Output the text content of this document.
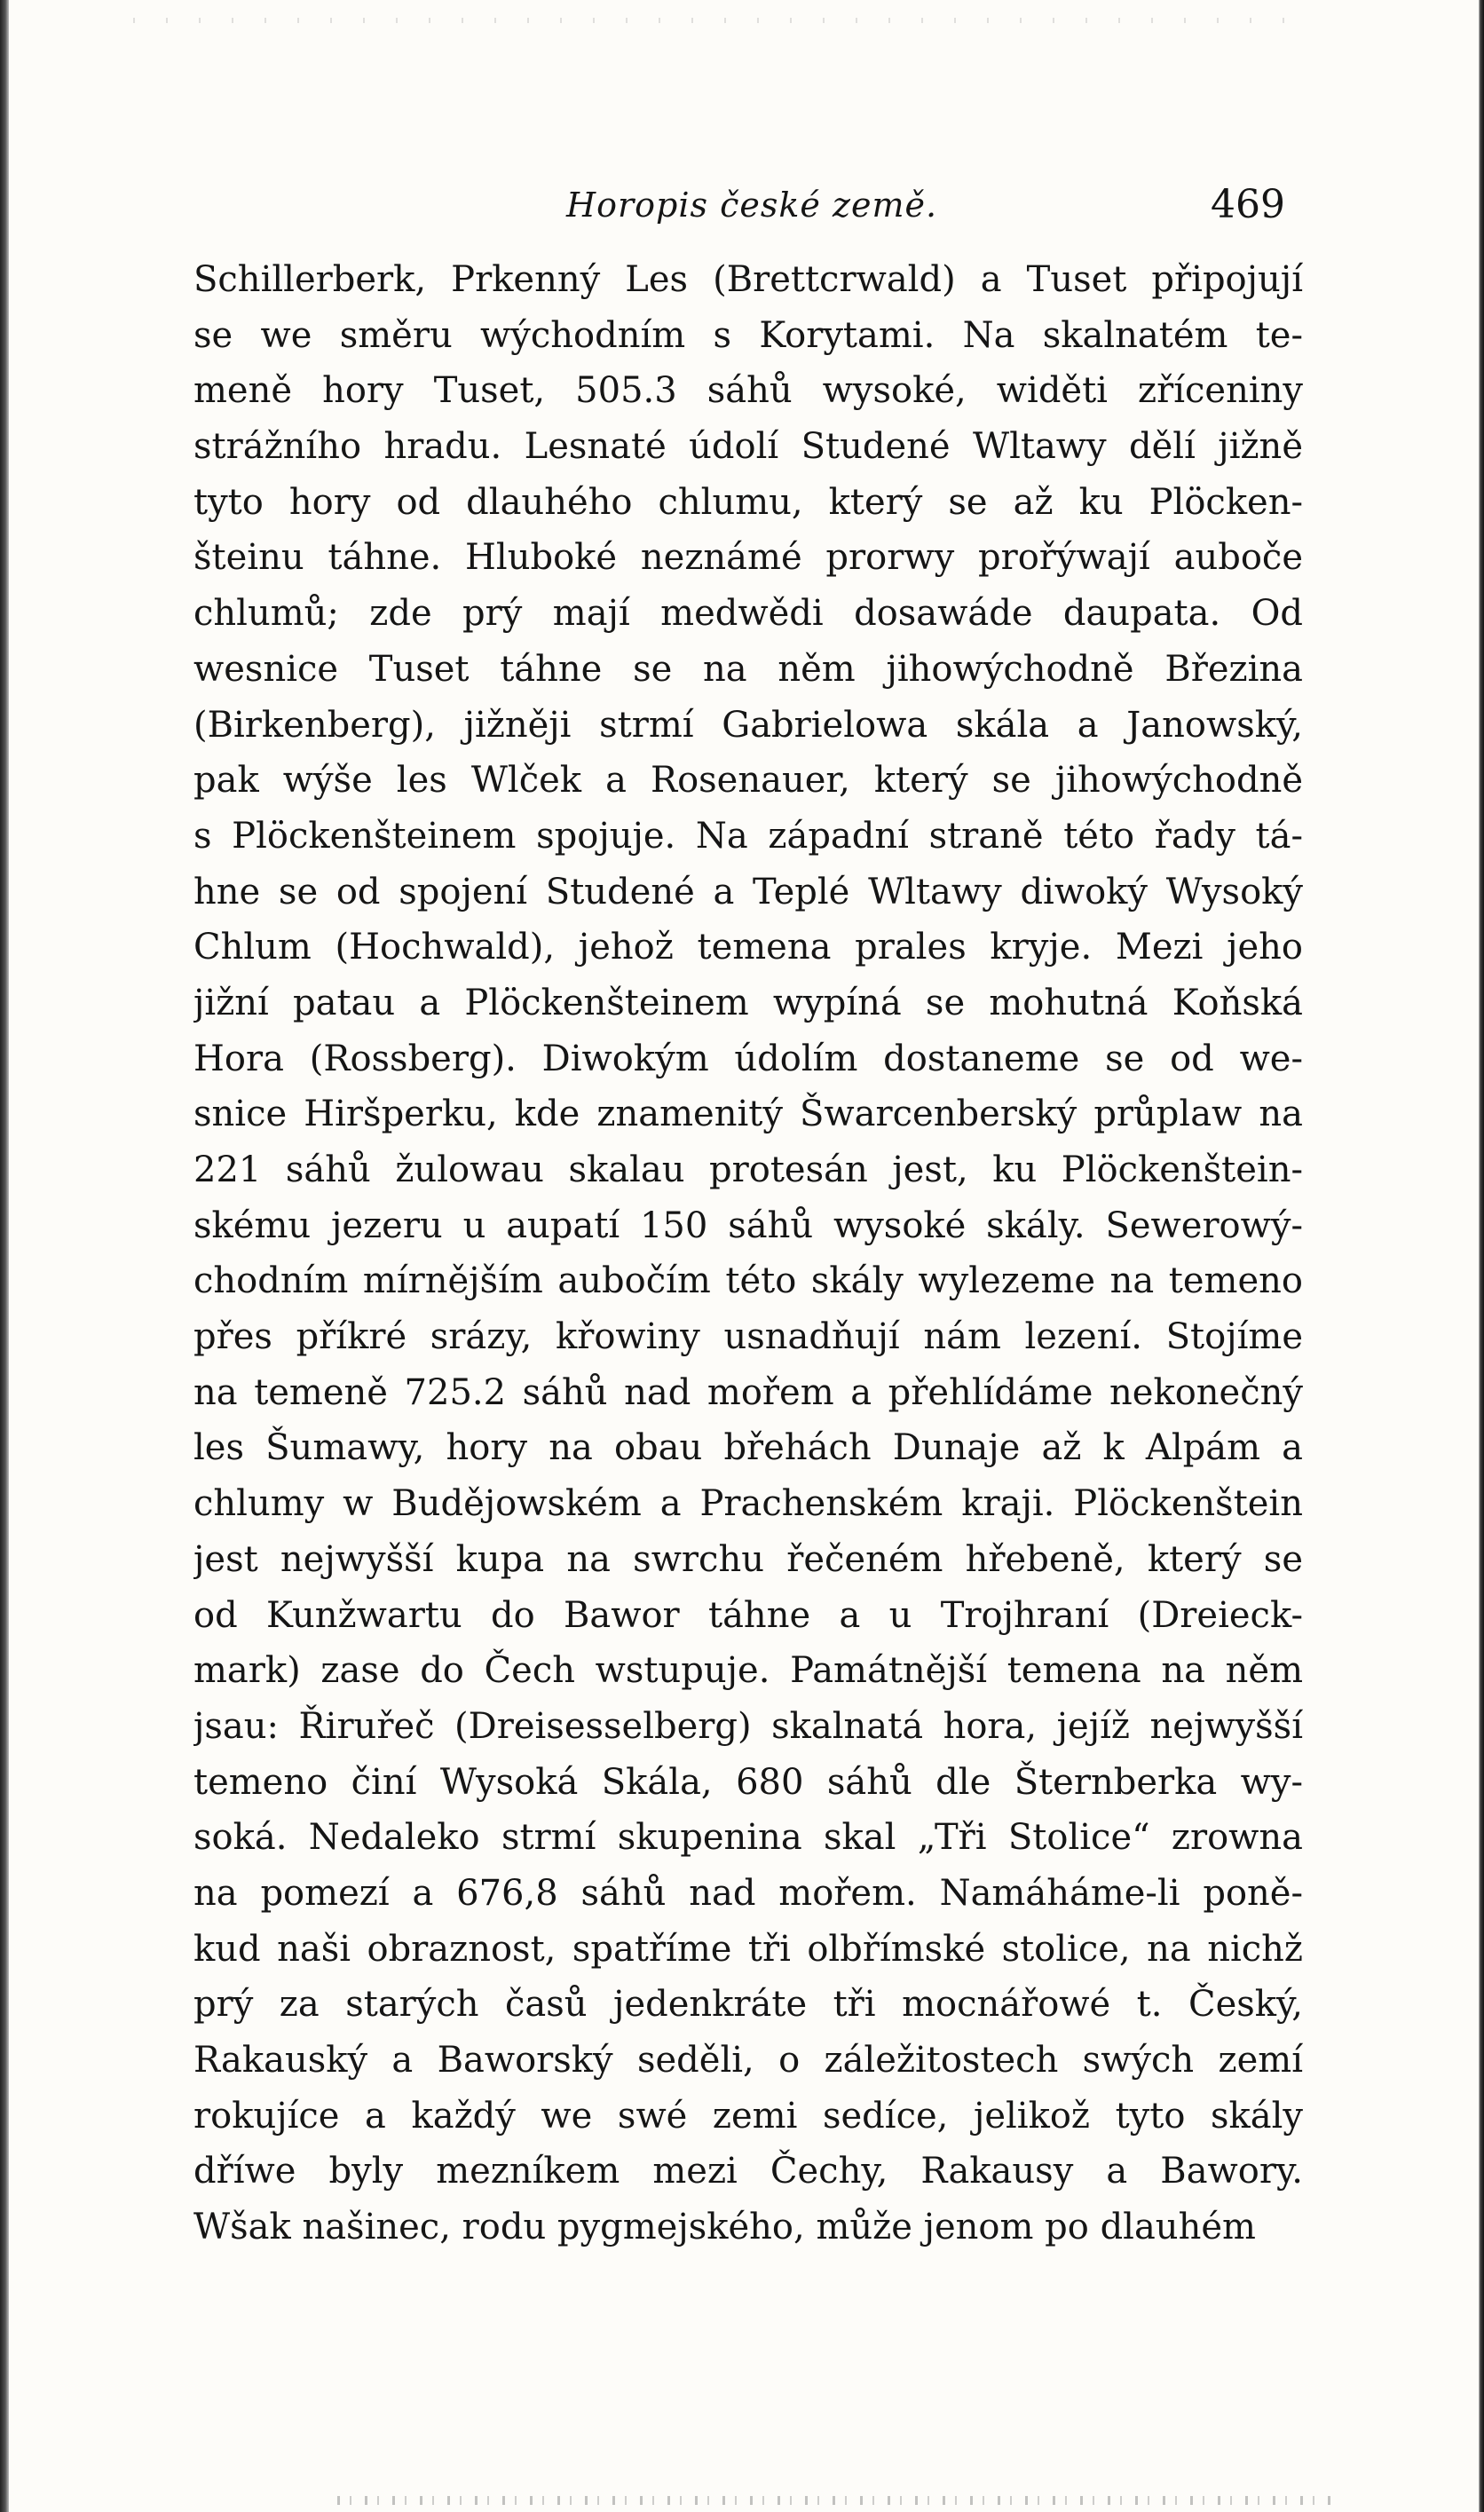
Horopis české země.	469
Schillerberk, Prkenný Les (Brettcrwald) a Tuset připojují
se we směru wýchodním s Korytami. Na skalnatém te-
meně hory Tuset, 505.3 sáhů wysoké, widěti zříceniny
strážního hradu. Lesnaté údolí Studené Wltawy dělí jižně
tyto hory od dlauhého chlumu, který se až ku Plöcken-
šteinu táhne. Hluboké neznámé prorwy prořýwají auboče
chlumů; zde prý mají medwědi dosawáde daupata. Od
wesnice Tuset táhne se na něm jihowýchodně Březina
(Birkenberg), jižněji strmí Gabrielowa skála a Janowský,
pak wýše les Wlček a Rosenauer, který se jihowýchodně
s Plöckenšteinem spojuje. Na západní straně této řady tá-
hne se od spojení Studené a Teplé Wltawy diwoký Wysoký
Chlum (Hochwald), jehož temena prales kryje. Mezi jeho
jižní patau a Plöckenšteinem wypíná se mohutná Koňská
Hora (Rossberg). Diwokým údolím dostaneme se od we-
snice Hiršperku, kde znamenitý Šwarcenberský průplaw na
221 sáhů žulowau skalau protesán jest, ku Plöckenštein-
skému jezeru u aupatí 150 sáhů wysoké skály. Sewerowý-
chodním mírnějším aubočím této skály wylezeme na temeno
přes příkré srázy, křowiny usnadňují nám lezení. Stojíme
na temeně 725.2 sáhů nad mořem a přehlídáme nekonečný
les Šumawy, hory na obau břehách Dunaje až k Alpám a
chlumy w Budějowském a Prachenském kraji. Plöckenštein
jest nejwyšší kupa na swrchu řečeném hřebeně, který se
od Kunžwartu do Bawor táhne a u Trojhraní (Dreieck-
mark) zase do Čech wstupuje. Památnější temena na něm
jsau: Řiruřeč (Dreisesselberg) skalnatá hora, jejíž nejwyšší
temeno činí Wysoká Skála, 680 sáhů dle Šternberka wy-
soká. Nedaleko strmí skupenina skal „Tři Stolice“ zrowna
na pomezí a 676,8 sáhů nad mořem. Namáháme-li poně-
kud naši obraznost, spatříme tři olbřímské stolice, na nichž
prý za starých časů jedenkráte tři mocnářowé t. Český,
Rakauský a Baworský seděli, o záležitostech swých zemí
rokujíce a každý we swé zemi sedíce, jelikož tyto skály
dříwe byly mezníkem mezi Čechy, Rakausy a Bawory.
Wšak našinec, rodu pygmejského, může jenom po dlauhém
